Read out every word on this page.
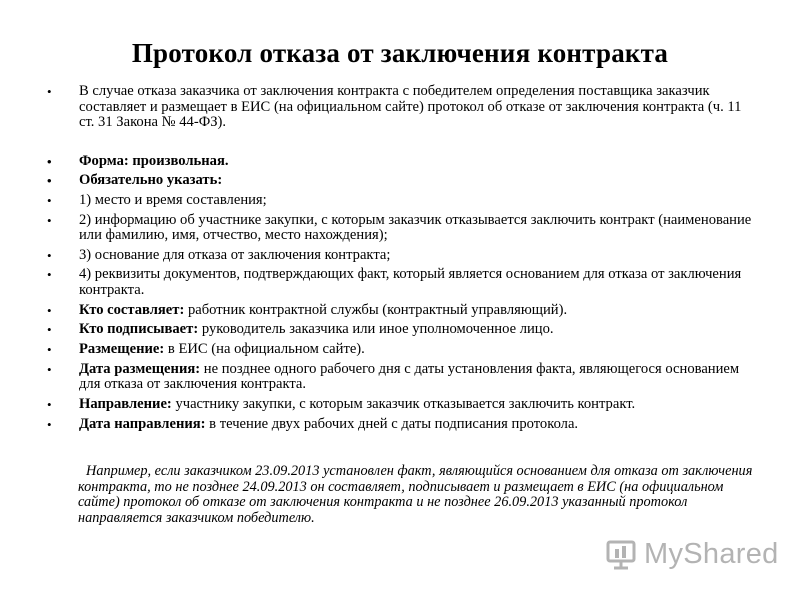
Протокол отказа от заключения контракта
• В случае отказа заказчика от заключения контракта с победителем определения поставщика заказчик составляет и размещает в ЕИС (на официальном сайте) протокол об отказе от заключения контракта (ч. 11 ст. 31 Закона № 44-ФЗ).
• Форма: произвольная.
• Обязательно указать:
• 1) место и время составления;
• 2) информацию об участнике закупки, с которым заказчик отказывается заключить контракт (наименование или фамилию, имя, отчество, место нахождения);
• 3) основание для отказа от заключения контракта;
• 4) реквизиты документов, подтверждающих факт, который является основанием для отказа от заключения контракта.
• Кто составляет: работник контрактной службы (контрактный управляющий).
• Кто подписывает: руководитель заказчика или иное уполномоченное лицо.
• Размещение: в ЕИС (на официальном сайте).
• Дата размещения: не позднее одного рабочего дня с даты установления факта, являющегося основанием для отказа от заключения контракта.
• Направление: участнику закупки, с которым заказчик отказывается заключить контракт.
• Дата направления: в течение двух рабочих дней с даты подписания протокола.

Например, если заказчиком 23.09.2013 установлен факт, являющийся основанием для отказа от заключения контракта, то не позднее 24.09.2013 он составляет, подписывает и размещает в ЕИС (на официальном сайте) протокол об отказе от заключения контракта и не позднее 26.09.2013 указанный протокол направляется заказчиком победителю.

MyShared
